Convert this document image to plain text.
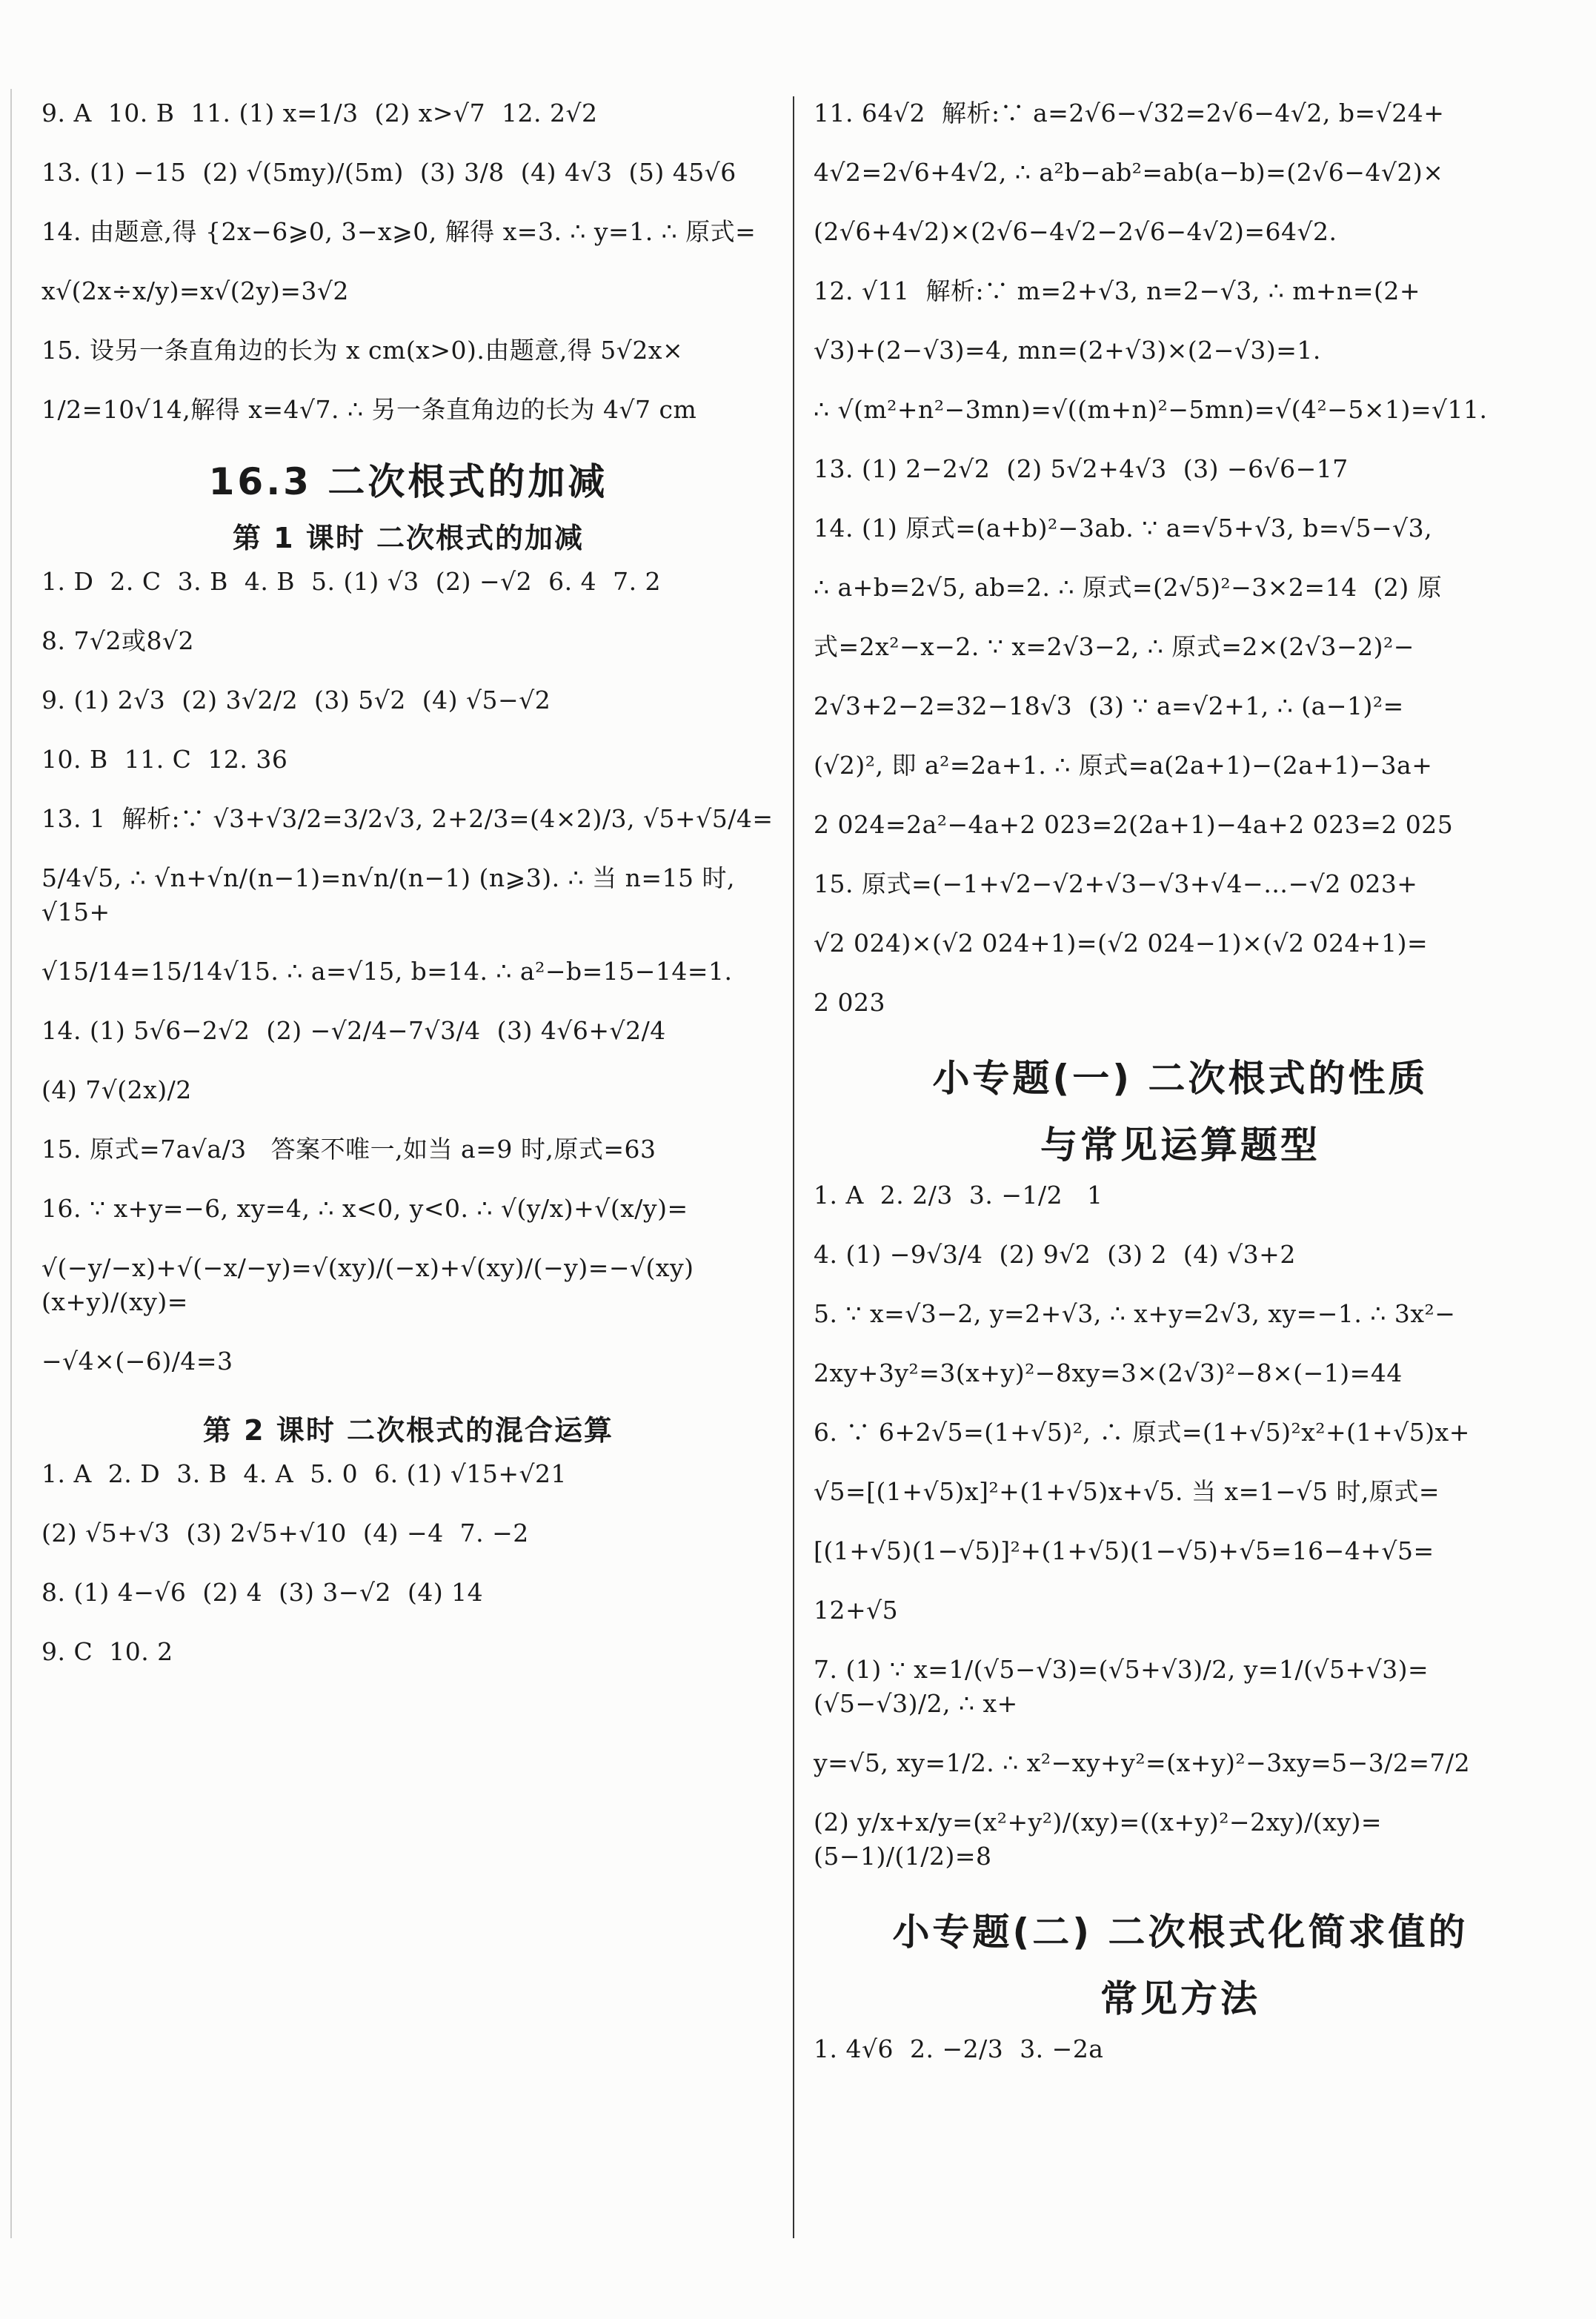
9. A  10. B  11. (1) x=1/3  (2) x>√7  12. 2√2
13. (1) −15  (2) √(5my)/(5m)  (3) 3/8  (4) 4√3  (5) 45√6
14. 由题意,得 {2x−6⩾0, 3−x⩾0, 解得 x=3. ∴ y=1. ∴ 原式=
x√(2x÷x/y)=x√(2y)=3√2
15. 设另一条直角边的长为 x cm(x>0).由题意,得 5√2x×
1/2=10√14,解得 x=4√7. ∴ 另一条直角边的长为 4√7 cm
16.3 二次根式的加减
第 1 课时 二次根式的加减
1. D  2. C  3. B  4. B  5. (1) √3  (2) −√2  6. 4  7. 2
8. 7√2或8√2
9. (1) 2√3  (2) 3√2/2  (3) 5√2  (4) √5−√2
10. B  11. C  12. 36
13. 1  解析:∵ √3+√3/2=3/2√3, 2+2/3=(4×2)/3, √5+√5/4=
5/4√5, ∴ √n+√n/(n−1)=n√n/(n−1) (n⩾3). ∴ 当 n=15 时, √15+
√15/14=15/14√15. ∴ a=√15, b=14. ∴ a²−b=15−14=1.
14. (1) 5√6−2√2  (2) −√2/4−7√3/4  (3) 4√6+√2/4
(4) 7√(2x)/2
15. 原式=7a√a/3   答案不唯一,如当 a=9 时,原式=63
16. ∵ x+y=−6, xy=4, ∴ x<0, y<0. ∴ √(y/x)+√(x/y)=
√(−y/−x)+√(−x/−y)=√(xy)/(−x)+√(xy)/(−y)=−√(xy)(x+y)/(xy)=
−√4×(−6)/4=3
第 2 课时 二次根式的混合运算
1. A  2. D  3. B  4. A  5. 0  6. (1) √15+√21
(2) √5+√3  (3) 2√5+√10  (4) −4  7. −2
8. (1) 4−√6  (2) 4  (3) 3−√2  (4) 14
9. C  10. 2
11. 64√2  解析:∵ a=2√6−√32=2√6−4√2, b=√24+
4√2=2√6+4√2, ∴ a²b−ab²=ab(a−b)=(2√6−4√2)×
(2√6+4√2)×(2√6−4√2−2√6−4√2)=64√2.
12. √11  解析:∵ m=2+√3, n=2−√3, ∴ m+n=(2+
√3)+(2−√3)=4, mn=(2+√3)×(2−√3)=1.
∴ √(m²+n²−3mn)=√((m+n)²−5mn)=√(4²−5×1)=√11.
13. (1) 2−2√2  (2) 5√2+4√3  (3) −6√6−17
14. (1) 原式=(a+b)²−3ab. ∵ a=√5+√3, b=√5−√3,
∴ a+b=2√5, ab=2. ∴ 原式=(2√5)²−3×2=14  (2) 原
式=2x²−x−2. ∵ x=2√3−2, ∴ 原式=2×(2√3−2)²−
2√3+2−2=32−18√3  (3) ∵ a=√2+1, ∴ (a−1)²=
(√2)², 即 a²=2a+1. ∴ 原式=a(2a+1)−(2a+1)−3a+
2 024=2a²−4a+2 023=2(2a+1)−4a+2 023=2 025
15. 原式=(−1+√2−√2+√3−√3+√4−…−√2 023+
√2 024)×(√2 024+1)=(√2 024−1)×(√2 024+1)=
2 023
小专题(一) 二次根式的性质
与常见运算题型
1. A  2. 2/3  3. −1/2   1
4. (1) −9√3/4  (2) 9√2  (3) 2  (4) √3+2
5. ∵ x=√3−2, y=2+√3, ∴ x+y=2√3, xy=−1. ∴ 3x²−
2xy+3y²=3(x+y)²−8xy=3×(2√3)²−8×(−1)=44
6. ∵ 6+2√5=(1+√5)², ∴ 原式=(1+√5)²x²+(1+√5)x+
√5=[(1+√5)x]²+(1+√5)x+√5. 当 x=1−√5 时,原式=
[(1+√5)(1−√5)]²+(1+√5)(1−√5)+√5=16−4+√5=
12+√5
7. (1) ∵ x=1/(√5−√3)=(√5+√3)/2, y=1/(√5+√3)=(√5−√3)/2, ∴ x+
y=√5, xy=1/2. ∴ x²−xy+y²=(x+y)²−3xy=5−3/2=7/2
(2) y/x+x/y=(x²+y²)/(xy)=((x+y)²−2xy)/(xy)=(5−1)/(1/2)=8
小专题(二) 二次根式化简求值的
常见方法
1. 4√6  2. −2/3  3. −2a
